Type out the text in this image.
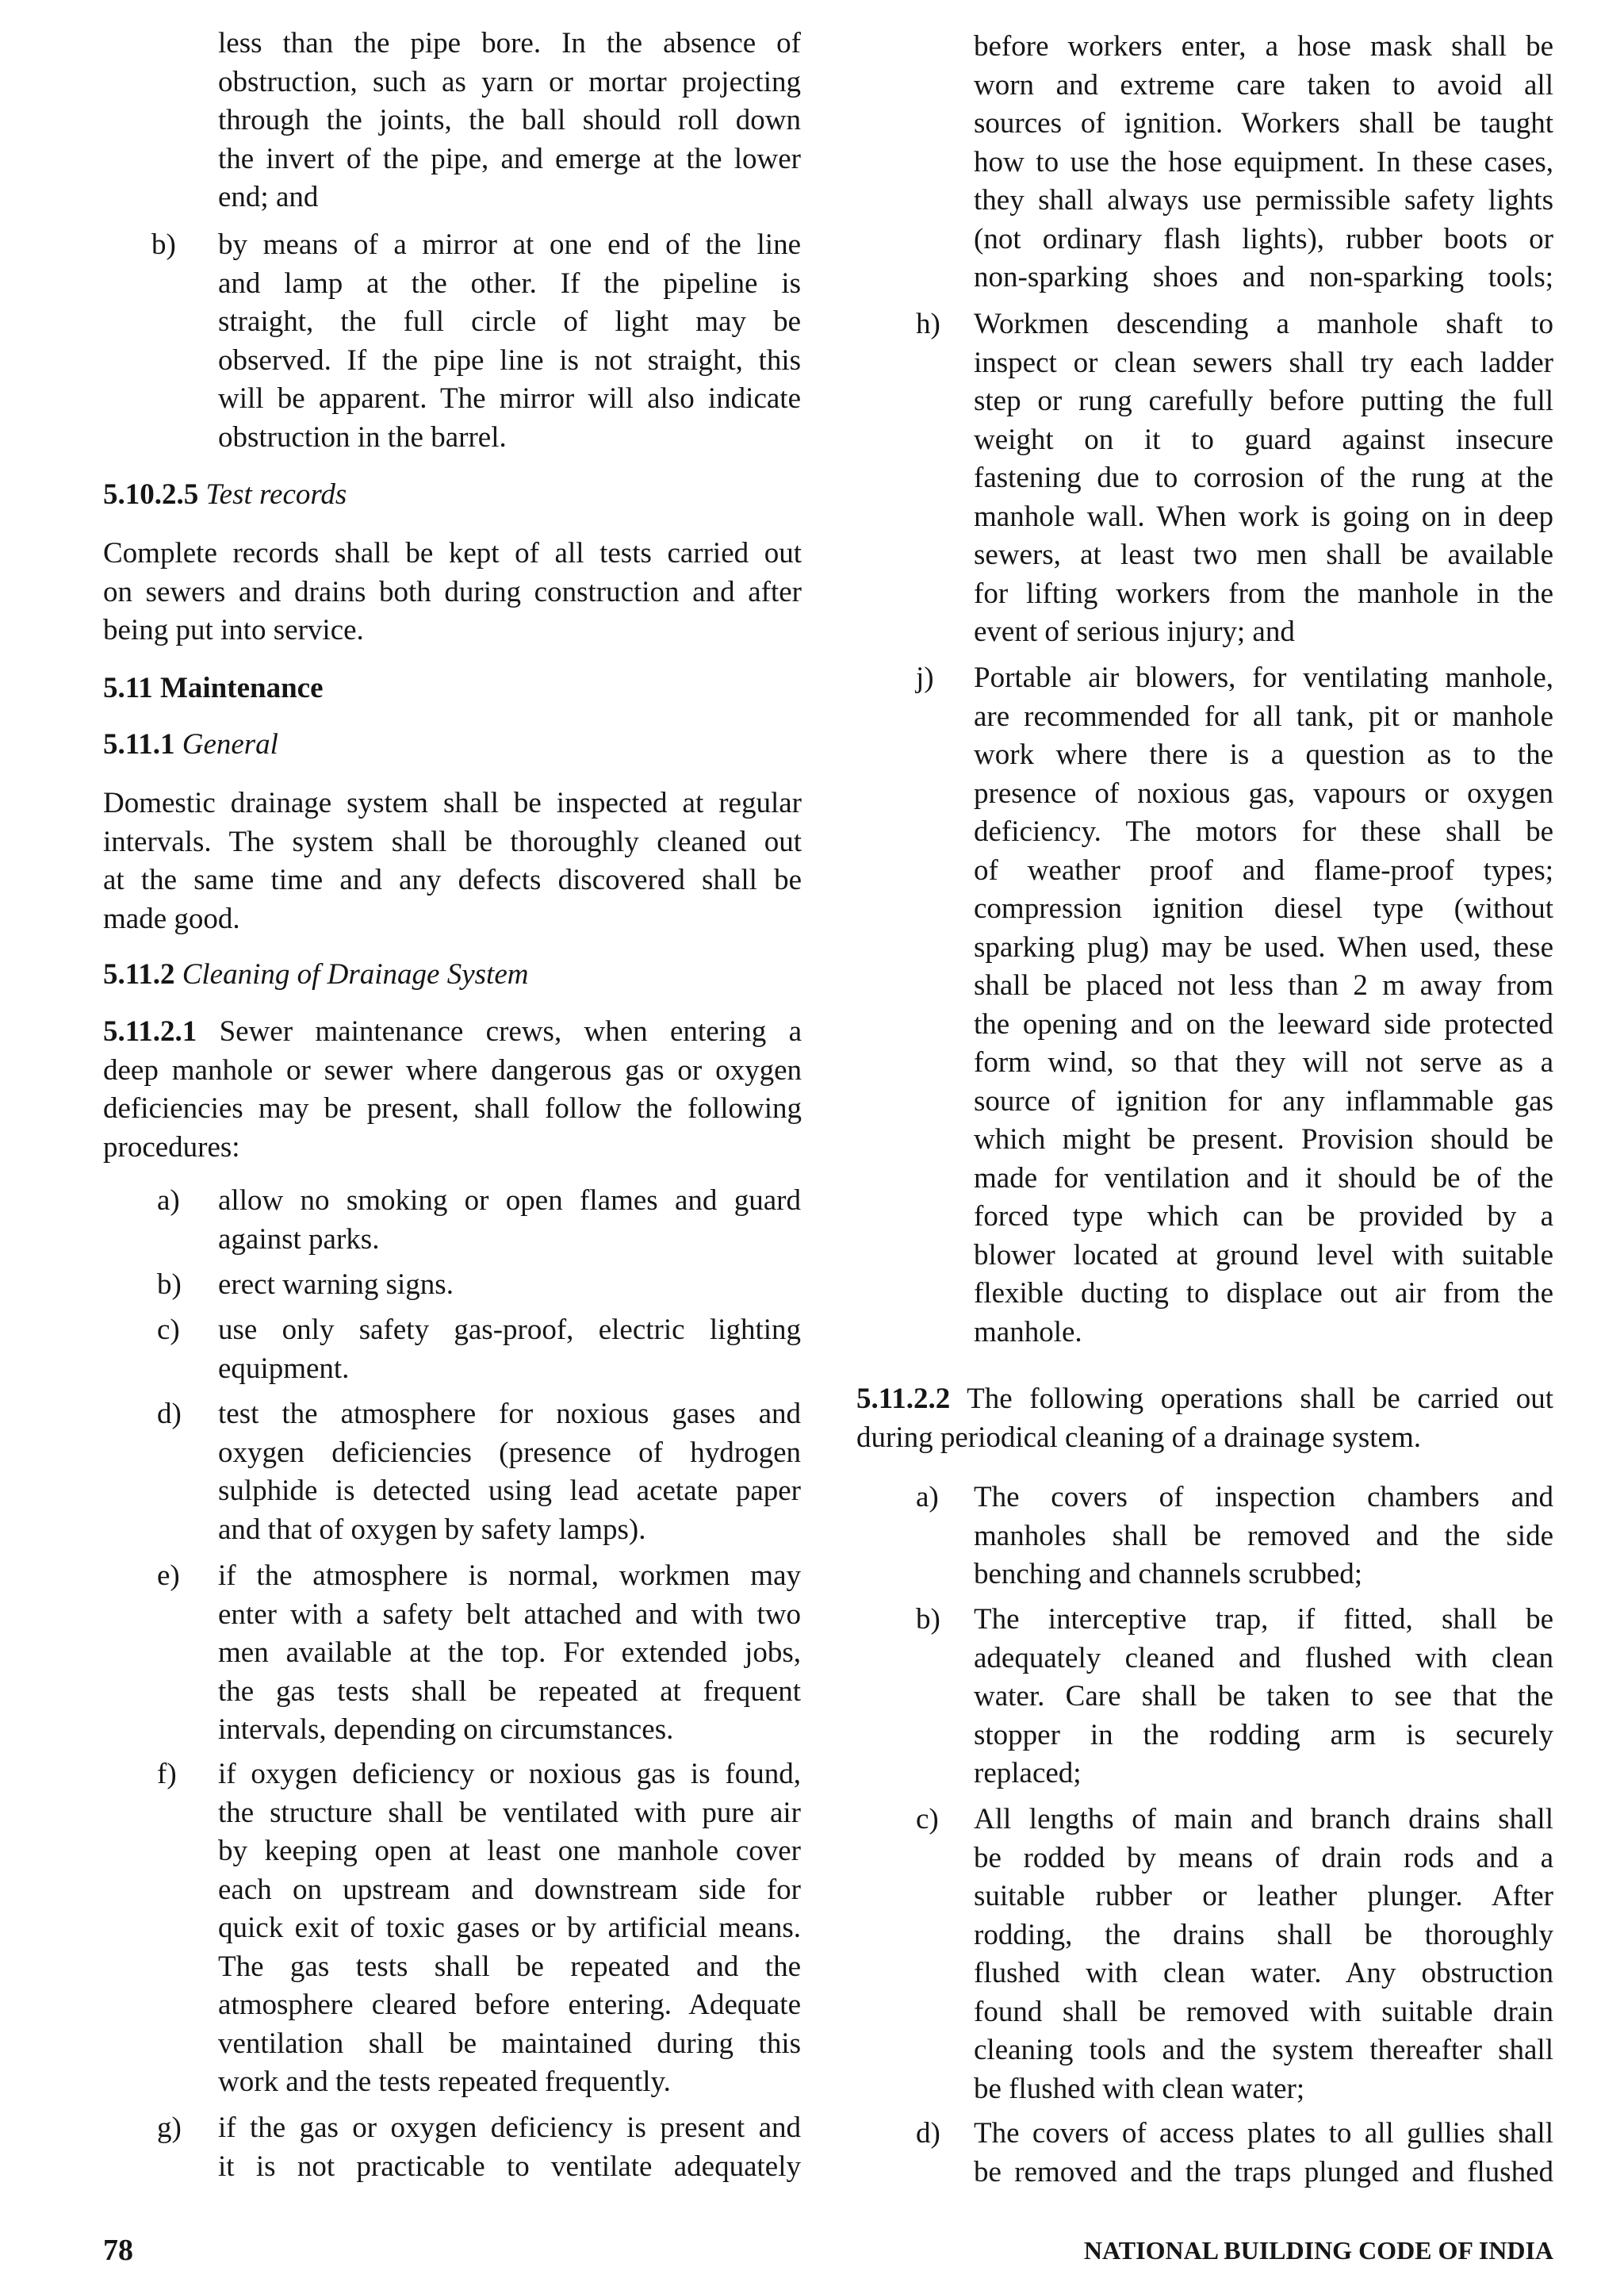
less than the pipe bore. In the absence of
obstruction, such as yarn or mortar projecting
through the joints, the ball should roll down
the invert of the pipe, and emerge at the lower
end; and
b) by means of a mirror at one end of the line
and lamp at the other. If the pipeline is
straight, the full circle of light may be
observed. If the pipe line is not straight, this
will be apparent. The mirror will also indicate
obstruction in the barrel.
5.10.2.5 Test records
Complete records shall be kept of all tests carried out
on sewers and drains both during construction and after
being put into service.
5.11 Maintenance
5.11.1 General
Domestic drainage system shall be inspected at regular
intervals. The system shall be thoroughly cleaned out
at the same time and any defects discovered shall be
made good.
5.11.2 Cleaning of Drainage System
5.11.2.1 Sewer maintenance crews, when entering a
deep manhole or sewer where dangerous gas or oxygen
deficiencies may be present, shall follow the following
procedures:
a) allow no smoking or open flames and guard
against parks.
b) erect warning signs.
c) use only safety gas-proof, electric lighting
equipment.
d) test the atmosphere for noxious gases and
oxygen deficiencies (presence of hydrogen
sulphide is detected using lead acetate paper
and that of oxygen by safety lamps).
e) if the atmosphere is normal, workmen may
enter with a safety belt attached and with two
men available at the top. For extended jobs,
the gas tests shall be repeated at frequent
intervals, depending on circumstances.
f) if oxygen deficiency or noxious gas is found,
the structure shall be ventilated with pure air
by keeping open at least one manhole cover
each on upstream and downstream side for
quick exit of toxic gases or by artificial means.
The gas tests shall be repeated and the
atmosphere cleared before entering. Adequate
ventilation shall be maintained during this
work and the tests repeated frequently.
g) if the gas or oxygen deficiency is present and
it is not practicable to ventilate adequately
before workers enter, a hose mask shall be
worn and extreme care taken to avoid all
sources of ignition. Workers shall be taught
how to use the hose equipment. In these cases,
they shall always use permissible safety lights
(not ordinary flash lights), rubber boots or
non-sparking shoes and non-sparking tools;
h) Workmen descending a manhole shaft to
inspect or clean sewers shall try each ladder
step or rung carefully before putting the full
weight on it to guard against insecure
fastening due to corrosion of the rung at the
manhole wall. When work is going on in deep
sewers, at least two men shall be available
for lifting workers from the manhole in the
event of serious injury; and
j) Portable air blowers, for ventilating manhole,
are recommended for all tank, pit or manhole
work where there is a question as to the
presence of noxious gas, vapours or oxygen
deficiency. The motors for these shall be
of weather proof and flame-proof types;
compression ignition diesel type (without
sparking plug) may be used. When used, these
shall be placed not less than 2 m away from
the opening and on the leeward side protected
form wind, so that they will not serve as a
source of ignition for any inflammable gas
which might be present. Provision should be
made for ventilation and it should be of the
forced type which can be provided by a
blower located at ground level with suitable
flexible ducting to displace out air from the
manhole.
5.11.2.2 The following operations shall be carried out
during periodical cleaning of a drainage system.
a) The covers of inspection chambers and
manholes shall be removed and the side
benching and channels scrubbed;
b) The interceptive trap, if fitted, shall be
adequately cleaned and flushed with clean
water. Care shall be taken to see that the
stopper in the rodding arm is securely
replaced;
c) All lengths of main and branch drains shall
be rodded by means of drain rods and a
suitable rubber or leather plunger. After
rodding, the drains shall be thoroughly
flushed with clean water. Any obstruction
found shall be removed with suitable drain
cleaning tools and the system thereafter shall
be flushed with clean water;
d) The covers of access plates to all gullies shall
be removed and the traps plunged and flushed
78	NATIONAL BUILDING CODE OF INDIA
